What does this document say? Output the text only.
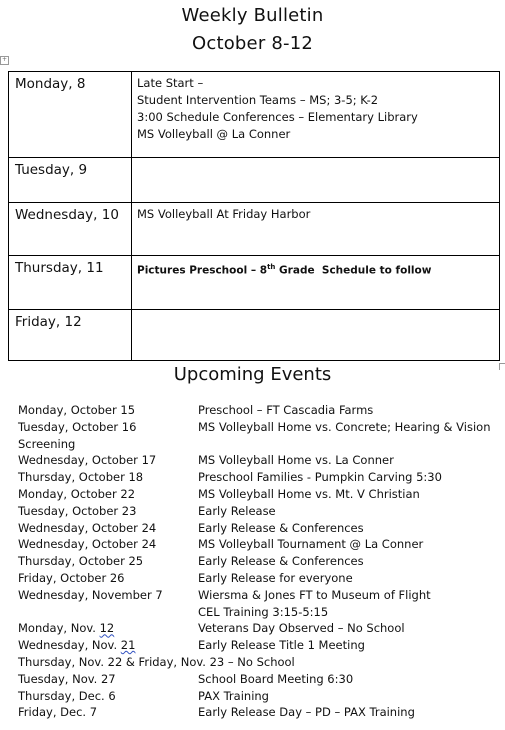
Weekly Bulletin
October 8-12
+
Monday, 8	Late Start –
Student Intervention Teams – MS; 3-5; K-2
3:00 Schedule Conferences – Elementary Library
MS Volleyball @ La Conner

Tuesday, 9	
Wednesday, 10	MS Volleyball At Friday Harbor

Thursday, 11	Pictures Preschool – 8th Grade  Schedule to follow

Friday, 12	
Upcoming Events
Monday, October 15	Preschool – FT Cascadia Farms
Tuesday, October 16	MS Volleyball Home vs. Concrete; Hearing & Vision
Screening
Wednesday, October 17	MS Volleyball Home vs. La Conner
Thursday, October 18	Preschool Families - Pumpkin Carving 5:30
Monday, October 22	MS Volleyball Home vs. Mt. V Christian
Tuesday, October 23	Early Release
Wednesday, October 24	Early Release & Conferences
Wednesday, October 24	MS Volleyball Tournament @ La Conner
Thursday, October 25	Early Release & Conferences
Friday, October 26	Early Release for everyone
Wednesday, November 7	Wiersma & Jones FT to Museum of Flight
CEL Training 3:15-5:15
Monday, Nov. 12	Veterans Day Observed – No School
Wednesday, Nov. 21	Early Release Title 1 Meeting
Thursday, Nov. 22 & Friday, Nov. 23 – No School
Tuesday, Nov. 27	School Board Meeting 6:30
Thursday, Dec. 6	PAX Training
Friday, Dec. 7	Early Release Day – PD – PAX Training
